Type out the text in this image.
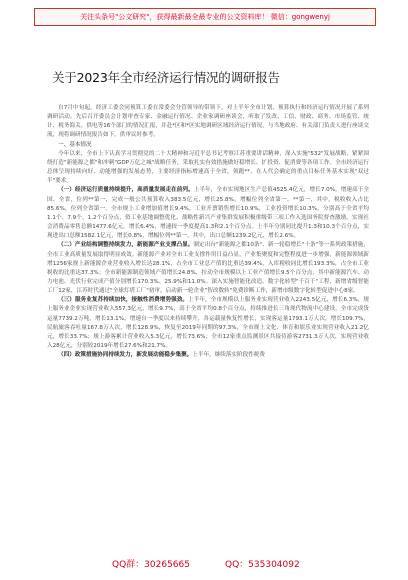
关注头条号"公文研究"，获得最新最全最专业的公文资料库！ 微信：gongwenyj
关于2023年全市经济运行情况的调研报告

自7月中旬起，经济工委会同预算工委在常委会分管领导的带领下，对上半年全市计划、预算执行和经济运行情况开展了系列调研活动。先后召开委员会计划审查专家、金融运行情况、企业家调研座谈会，听取了发改、工信、财政、商务、市场监管、统计、税务海关、供电等16个部门的情况汇报，并赴*区和*区实地调研区域经济运行情况，与当地政府、有关部门负责人进行座谈交流，现将调研情况报告如下，供审议时参考。

一、基本情况

今年以来，全市上下认真学习贯彻党的二十大精神和习近平总书记考察江苏重要讲话精神，深入实施"532"发展战略，紧紧围绕打造"新能源之都"和冲刺"GDP万亿之城"战略任务，采取扎实有效措施做好稳增长、扩投资、促消费等各项工作。全市经济运行总体呈现持续向好、动能增强的发展态势，主要经济指标增速高于全省，领跑**，在人代会确定的重点目标任务基本实现"双过半"要求。

（一）经济运行质量持续提升，高质量发展走在前列。上半年，全市实现地区生产总值4525.4亿元，增长7.0%，增速高于全国、全省，位列**第一，完成一般公共预算收入383.5亿元，增长25.8%，增幅位列全省第一、**第一，其中，税收收入占比85.6%，位列全省第一。全市规上工业增加值增长9.4%，工业开票销售增长10.9%，工业投资增长10.3%，分别高于全省平均1.1个、7.9个、1.2个百分点，资工业基地调整优化，战略性新兴产业集群发展积极重级带三项工作入选国务院督查激励。实现社会消费品零售总额1477.6亿元，增长6.4%，增速较一季度提高1.3和2.1个百分点。上半年分别同比提升1.3和10.3个百分点，实现进出口总额1582.1亿元，增长0.8%，增幅位列**第一，其中，出口总额1239.2亿元，增长2.6%。

（二）产业结构调整持续发力，新能源产业支撑凸显。制定出台"新能源之都10条"、新一轮稳增长"十条"等一系列政策措施，全市工业高质量发展取得明显成效。新能源产业对全市工业支撑作用日益凸显，产业集聚度和完整程度进一步增强，新能源领域新增1256家规上新能源企业营业收入增长达28.1%，占全市工业总产值的比重达39.4%，入库税收同比增长193.3%，占全市工业税收的比重达37.3%；全市新能源制造领域产值增长24.8%，拉动全市规模以上工业产值增长9.5个百分点，其中新能源汽车、动力电池、光伏行业完成产值分别增长170.3%、25.9%和11.0%。深入实施智能化改造、数字化转型"千百千"工程，新增省级智能工厂12家，江苏时代通过"全球灯塔工厂"初审，启动新一轮企业"智改数转"免费诊断工作，新增市级数字化转型促进中心8家。

（三）服务业复苏持续加快，接触性消费增势强劲。上半年，全市规模以上服务业实现营业收入2243.5亿元，增长6.3%，规上服务业企业实现营业收入557.3亿元，增长9.7%，高于全省平均0.8个百分点，持续推进长三角现代物流中心建设，全市完成货运量7739.2万吨，增长13.1%，增速自一季度以来持续攀升，各运载量恢复性增长，实现客运量1793.1万人次，增长109.7%，民航旅客吞吐量167.8万人次，增长128.9%，恢复至2019年同期的97.3%，全市规上文化、体育和娱乐业实现营业收入21.2亿元，增长33.7%；规上游客累计营业收入5.3亿元，增长73.6%；全市12家重点监测景区共接待游客2731.3万人次，实现营业收入28亿元，分别较2019年增长27.6%和21.7%。

（四）政策措施协同持续发力，新发展动能稳步集聚。上半年，继续落实阶段性税费

QQ群：30265665	QQ：535304092
